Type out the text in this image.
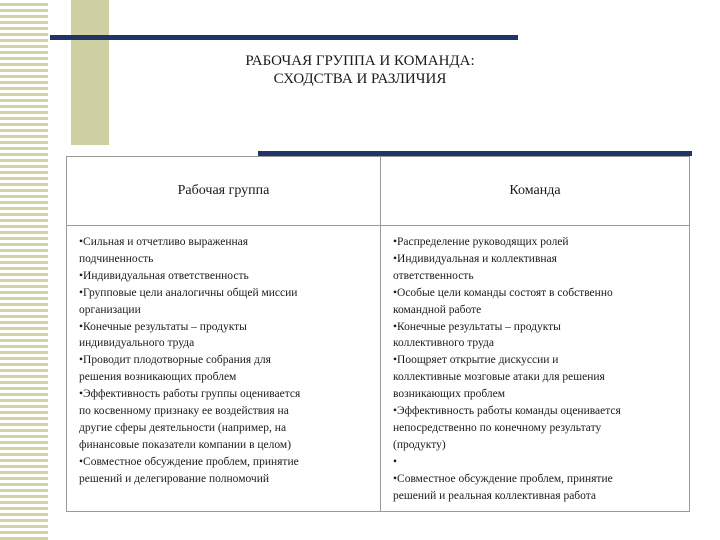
РАБОЧАЯ ГРУППА И КОМАНДА:
СХОДСТВА И РАЗЛИЧИЯ
Рабочая группа	Команда
•Сильная и отчетливо выраженная
подчиненность
•Индивидуальная ответственность
•Групповые цели аналогичны общей миссии
организации
•Конечные результаты – продукты
индивидуального труда
•Проводит плодотворные собрания для
решения возникающих проблем
•Эффективность работы группы оценивается
по косвенному признаку ее воздействия на
другие сферы деятельности (например, на
финансовые показатели компании в целом)
•Совместное обсуждение проблем, принятие
решений и делегирование полномочий
•Распределение руководящих ролей
•Индивидуальная и коллективная
ответственность
•Особые цели команды состоят в собственно
командной работе
•Конечные результаты – продукты
коллективного труда
•Поощряет открытие дискуссии и
коллективные мозговые атаки для решения
возникающих проблем
•Эффективность работы команды оценивается
непосредственно по конечному результату
(продукту)
•
•Совместное обсуждение проблем, принятие
решений и реальная коллективная работа
